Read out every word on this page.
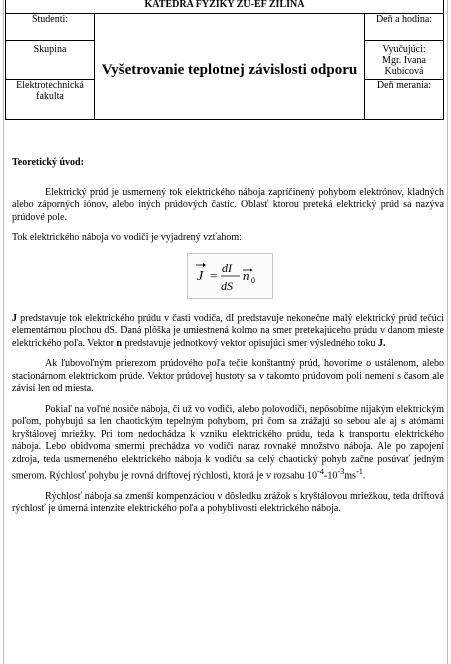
KATEDRA FYZIKY ŽU-EF ŽILINA
Študenti:	Vyšetrovanie teplotnej závislosti odporu	Deň a hodina:
Skupina		Vyučujúci:
Mgr. Ivana Kubicová

Elektrotechnická fakulta		Deň merania:

Teoretický úvod:

Elektrický prúd je usmernený tok elektrického náboja zapríčinený pohybom elektrónov, kladných alebo záporných iónov, alebo iných prúdových častíc. Oblasť ktorou preteká elektrický prúd sa nazýva prúdové pole.

Tok elektrického náboja vo vodiči je vyjadrený vzťahom:

J = dI
dS
n 0

J predstavuje tok elektrického prúdu v časti vodiča, dI predstavuje nekonečne malý elektrický prúd tečúci elementárnou plochou dS. Daná plôška je umiestnená kolmo na smer pretekajúceho prúdu v danom mieste elektrického poľa. Vektor n predstavuje jednotkový vektor opisujúci smer výsledného toku J.

Ak ľubovoľným prierezom prúdového poľa tečie konštantný prúd, hovoríme o ustálenom, alebo stacionárnom elektrickom prúde. Vektor prúdovej hustoty sa v takomto prúdovom poli nemení s časom ale závisí len od miesta.

Pokiaľ na voľné nosiče náboja, či už vo vodiči, alebo polovodiči, nepôsobíme nijakým elektrickým poľom, pohybujú sa len chaotickým tepelným pohybom, pri čom sa zrážajú so sebou ale aj s atómami kryštálovej mriežky. Pri tom nedochádza k vzniku elektrického prúdu, teda k transportu elektrického náboja. Lebo obidvoma smermi prechádza vo vodiči naraz rovnaké množstvo náboja. Ale po zapojení zdroja, teda usmerneného elektrického náboja k vodiču sa celý chaotický pohyb začne posúvať jedným smerom. Rýchlosť pohybu je rovná driftovej rýchlosti, ktorá je v rozsahu $10^{-4}-10^{-3}ms^{-1}$.

Rýchlosť náboja sa zmenší kompenzáciou v dôsledku zrážok s kryštálovou mriežkou, teda driftová rýchlosť je úmerná intenzite elektrického poľa a pohyblivosti elektrického náboja.
